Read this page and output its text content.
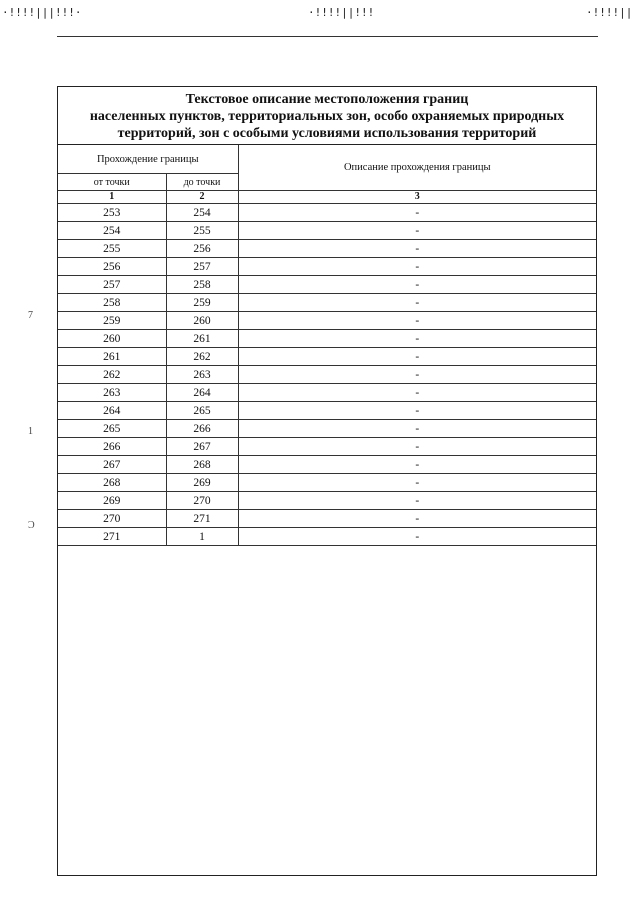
·!!!!|||!!!·	·!!!!||!!!	·!!!!||
7
1
Ɔ
Текстовое описание местоположения границ
населенных пунктов, территориальных зон, особо охраняемых природных
территорий, зон с особыми условиями использования территорий
Прохождение границы		Описание прохождения границы
от точки	до точки	
1	2	3
253	254	-
254	255	-
255	256	-
256	257	-
257	258	-
258	259	-
259	260	-
260	261	-
261	262	-
262	263	-
263	264	-
264	265	-
265	266	-
266	267	-
267	268	-
268	269	-
269	270	-
270	271	-
271	1	-
